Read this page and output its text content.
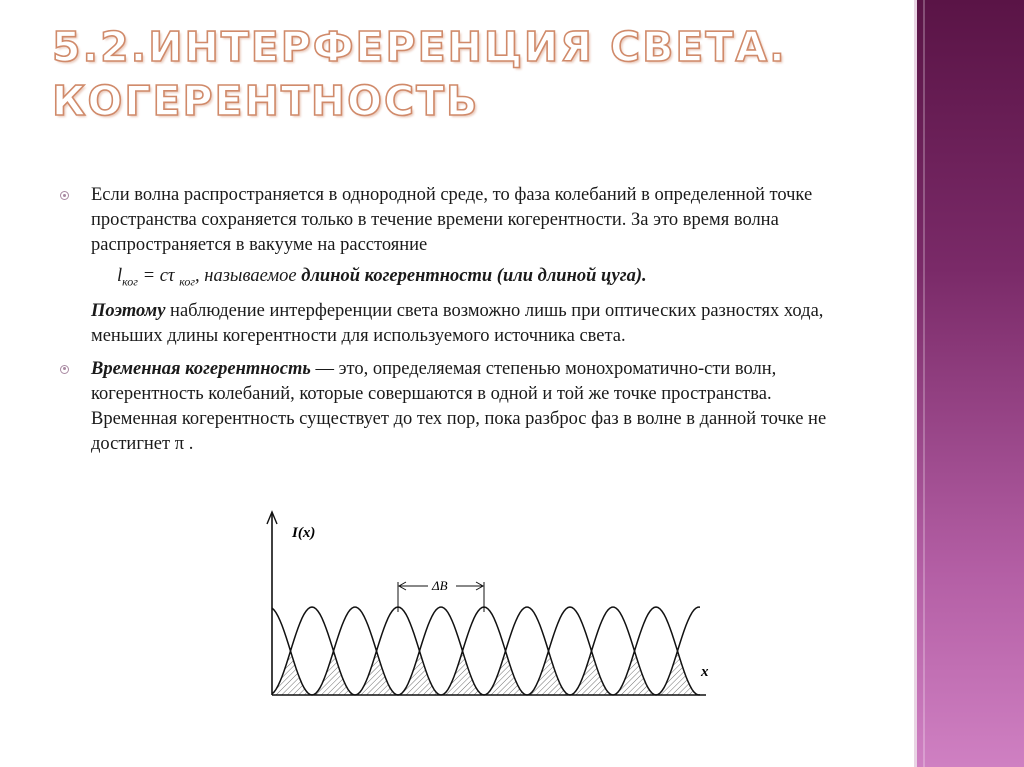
5.2.ИНТЕРФЕРЕНЦИЯ СВЕТА.
КОГЕРЕНТНОСТЬ
Если волна распространяется в однородной среде, то фаза колебаний в определенной точке пространства сохраняется только в течение времени когерентности. За это время волна распространяется в вакууме на расстояние
$l_{ког} = c\tau$ $_{ког}$, называемое длиной когерентности (или длиной цуга).
Поэтому наблюдение интерференции света возможно лишь при оптических разностях хода, меньших длины когерентности для используемого источника света.
Временная когерентность — это, определяемая степенью монохроматично-сти волн, когерентность колебаний, которые совершаются в одной и той же точке пространства. Временная когерентность существует до тех пор, пока разброс фаз в волне в данной точке не достигнет π .
I(x)
x
ΔB
